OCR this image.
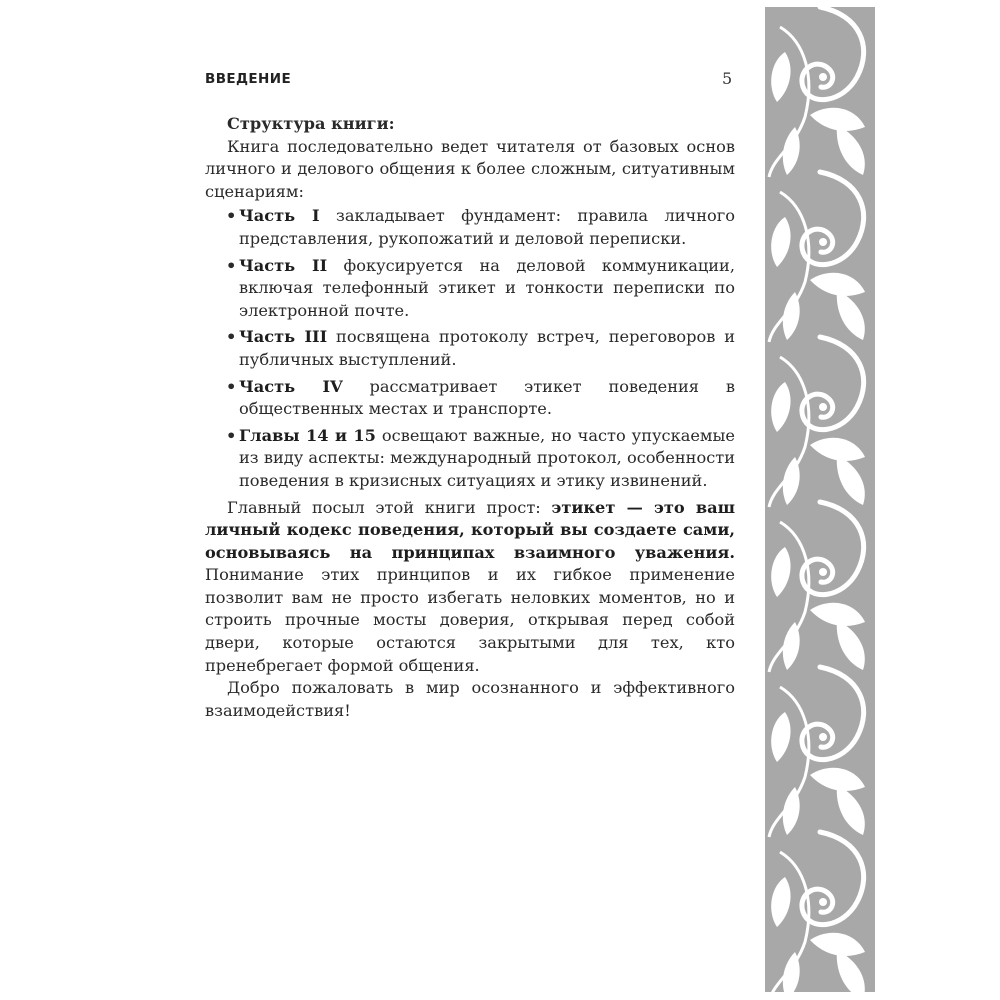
ВВЕДЕНИЕ	5

Структура книги:

Книга последовательно ведет читателя от базовых основ личного и делового общения к более сложным, ситуативным сценариям:

• Часть I закладывает фундамент: правила личного представления, рукопожатий и деловой переписки.
• Часть II фокусируется на деловой коммуникации, включая телефонный этикет и тонкости переписки по электронной почте.
• Часть III посвящена протоколу встреч, переговоров и публичных выступлений.
• Часть IV рассматривает этикет поведения в общественных местах и транспорте.
• Главы 14 и 15 освещают важные, но часто упускаемые из виду аспекты: международный протокол, особенности поведения в кризисных ситуациях и этику извинений.

Главный посыл этой книги прост: этикет — это ваш личный кодекс поведения, который вы создаете сами, основываясь на принципах взаимного уважения. Понимание этих принципов и их гибкое применение позволит вам не просто избегать неловких моментов, но и строить прочные мосты доверия, открывая перед собой двери, которые остаются закрытыми для тех, кто пренебрегает формой общения.

Добро пожаловать в мир осознанного и эффективного взаимодействия!
